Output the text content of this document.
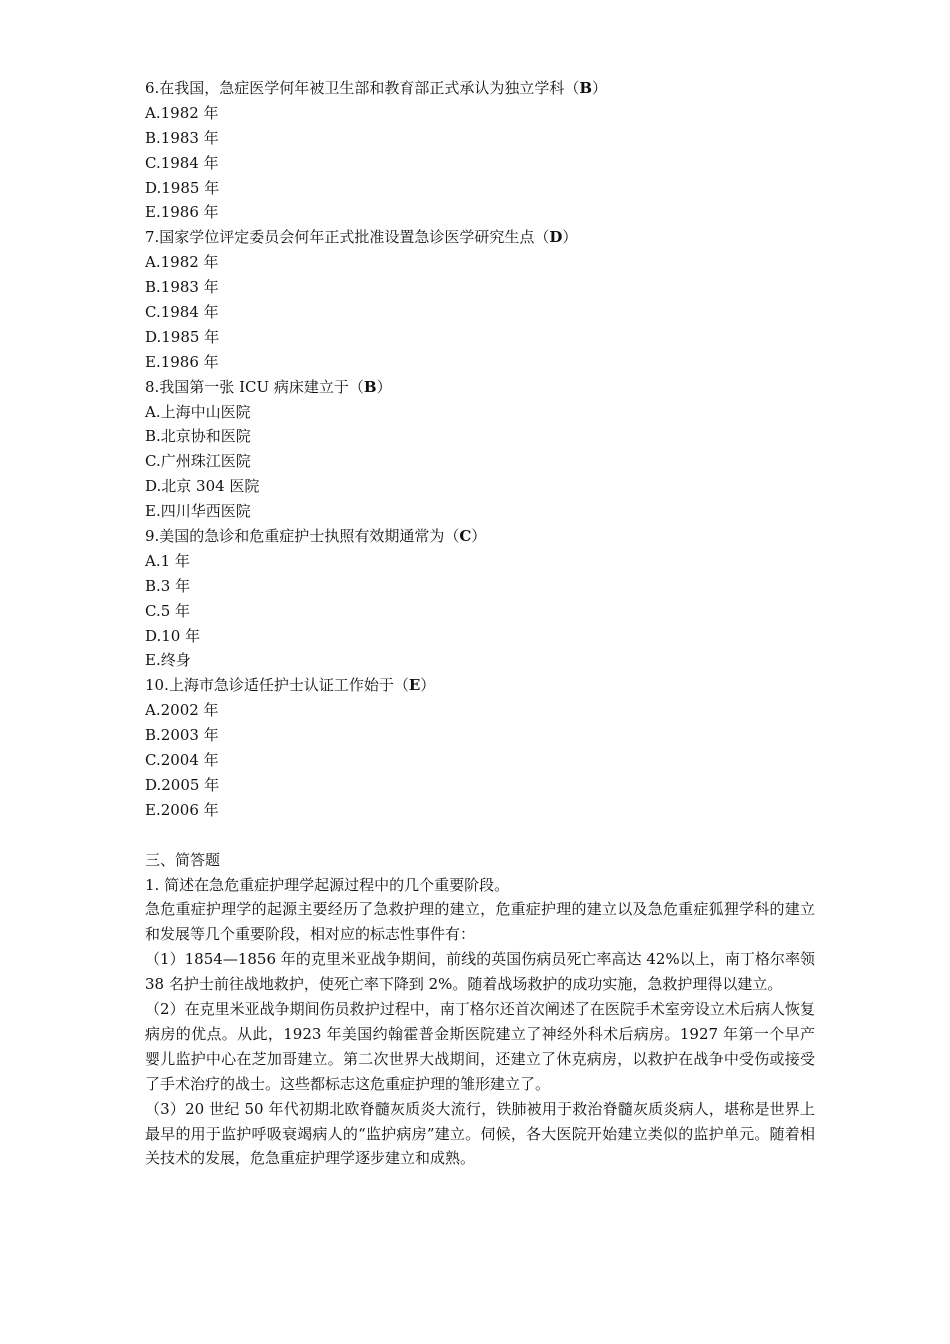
6.在我国，急症医学何年被卫生部和教育部正式承认为独立学科（B）
A.1982 年
B.1983 年
C.1984 年
D.1985 年
E.1986 年
7.国家学位评定委员会何年正式批准设置急诊医学研究生点（D）
A.1982 年
B.1983 年
C.1984 年
D.1985 年
E.1986 年
8.我国第一张 ICU 病床建立于（B）
A.上海中山医院
B.北京协和医院
C.广州珠江医院
D.北京 304 医院
E.四川华西医院
9.美国的急诊和危重症护士执照有效期通常为（C）
A.1 年
B.3 年
C.5 年
D.10 年
E.终身
10.上海市急诊适任护士认证工作始于（E）
A.2002 年
B.2003 年
C.2004 年
D.2005 年
E.2006 年
三、简答题
1. 简述在急危重症护理学起源过程中的几个重要阶段。
急危重症护理学的起源主要经历了急救护理的建立，危重症护理的建立以及急危重症狐狸学科的建立和发展等几个重要阶段，相对应的标志性事件有：
（1）1854—1856 年的克里米亚战争期间，前线的英国伤病员死亡率高达 42%以上，南丁格尔率领 38 名护士前往战地救护，使死亡率下降到 2%。随着战场救护的成功实施，急救护理得以建立。
（2）在克里米亚战争期间伤员救护过程中，南丁格尔还首次阐述了在医院手术室旁设立术后病人恢复病房的优点。从此，1923 年美国约翰霍普金斯医院建立了神经外科术后病房。1927 年第一个早产婴儿监护中心在芝加哥建立。第二次世界大战期间，还建立了休克病房，以救护在战争中受伤或接受了手术治疗的战士。这些都标志这危重症护理的雏形建立了。
（3）20 世纪 50 年代初期北欧脊髓灰质炎大流行，铁肺被用于救治脊髓灰质炎病人，堪称是世界上最早的用于监护呼吸衰竭病人的“监护病房”建立。伺候，各大医院开始建立类似的监护单元。随着相关技术的发展，危急重症护理学逐步建立和成熟。
